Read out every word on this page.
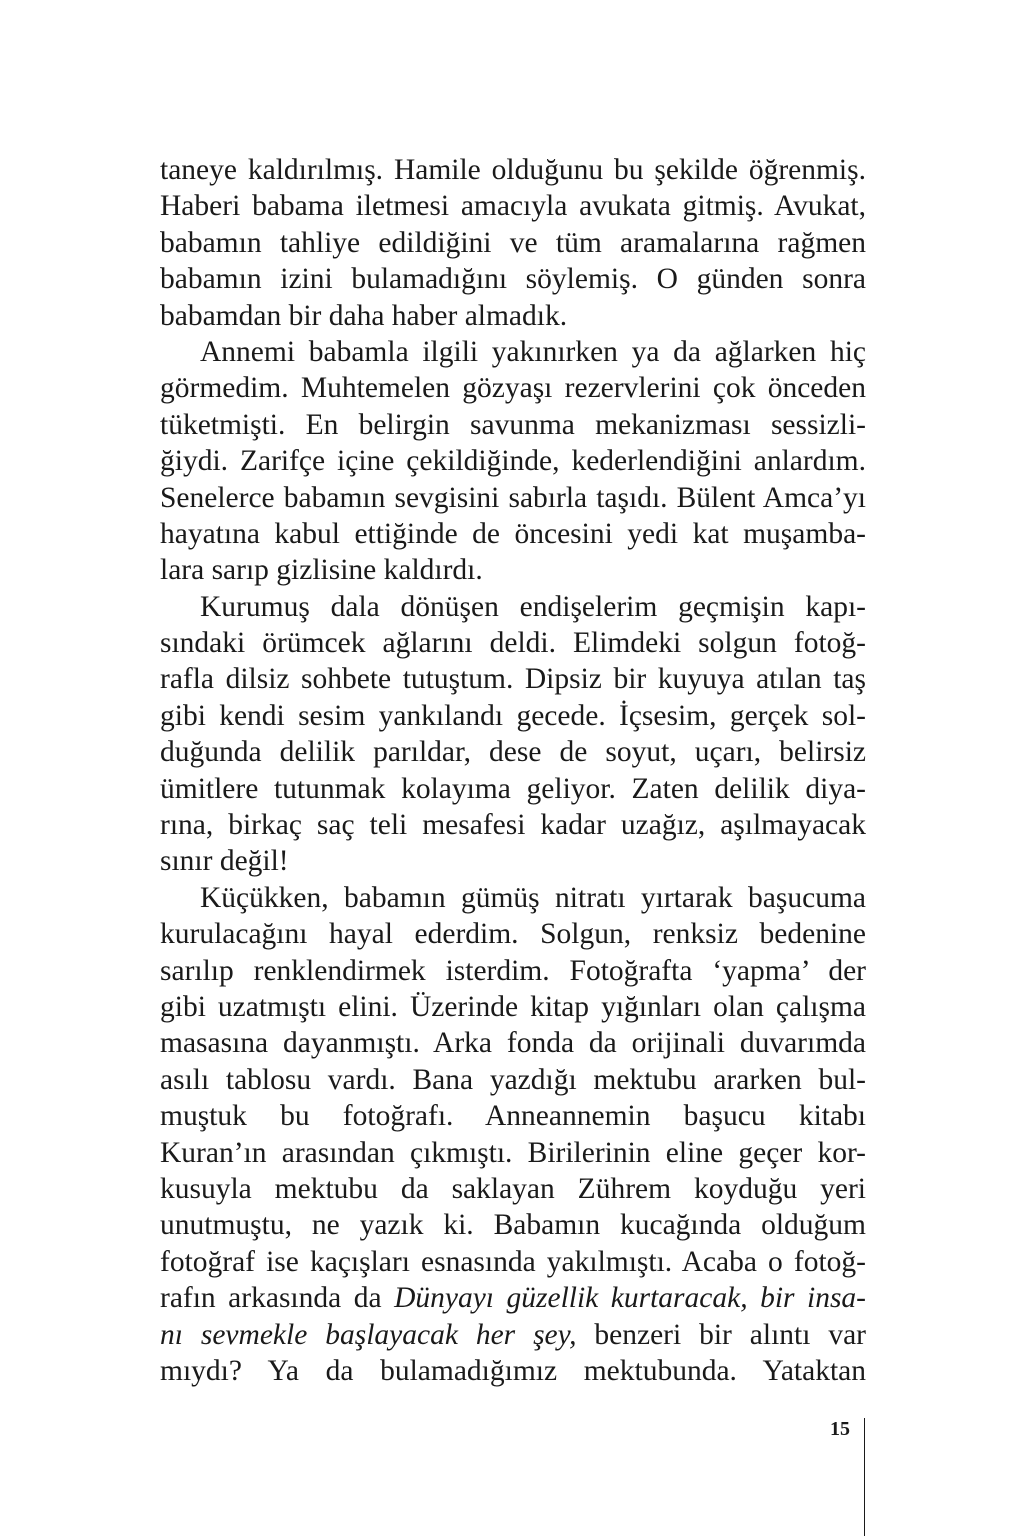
taneye kaldırılmış. Hamile olduğunu bu şekilde öğrenmiş.
Haberi babama iletmesi amacıyla avukata gitmiş. Avukat,
babamın tahliye edildiğini ve tüm aramalarına rağmen
babamın izini bulamadığını söylemiş. O günden sonra
babamdan bir daha haber almadık.
Annemi babamla ilgili yakınırken ya da ağlarken hiç
görmedim. Muhtemelen gözyaşı rezervlerini çok önceden
tüketmişti. En belirgin savunma mekanizması sessizli-
ğiydi. Zarifçe içine çekildiğinde, kederlendiğini anlardım.
Senelerce babamın sevgisini sabırla taşıdı. Bülent Amca’yı
hayatına kabul ettiğinde de öncesini yedi kat muşamba-
lara sarıp gizlisine kaldırdı.
Kurumuş dala dönüşen endişelerim geçmişin kapı-
sındaki örümcek ağlarını deldi. Elimdeki solgun fotoğ-
rafla dilsiz sohbete tutuştum. Dipsiz bir kuyuya atılan taş
gibi kendi sesim yankılandı gecede. İçsesim, gerçek sol-
duğunda delilik parıldar, dese de soyut, uçarı, belirsiz
ümitlere tutunmak kolayıma geliyor. Zaten delilik diya-
rına, birkaç saç teli mesafesi kadar uzağız, aşılmayacak
sınır değil!
Küçükken, babamın gümüş nitratı yırtarak başucuma
kurulacağını hayal ederdim. Solgun, renksiz bedenine
sarılıp renklendirmek isterdim. Fotoğrafta ‘yapma’ der
gibi uzatmıştı elini. Üzerinde kitap yığınları olan çalışma
masasına dayanmıştı. Arka fonda da orijinali duvarımda
asılı tablosu vardı. Bana yazdığı mektubu ararken bul-
muştuk bu fotoğrafı. Anneannemin başucu kitabı
Kuran’ın arasından çıkmıştı. Birilerinin eline geçer kor-
kusuyla mektubu da saklayan Zührem koyduğu yeri
unutmuştu, ne yazık ki. Babamın kucağında olduğum
fotoğraf ise kaçışları esnasında yakılmıştı. Acaba o fotoğ-
rafın arkasında da Dünyayı güzellik kurtaracak, bir insa-
nı sevmekle başlayacak her şey, benzeri bir alıntı var
mıydı? Ya da bulamadığımız mektubunda. Yataktan
15
